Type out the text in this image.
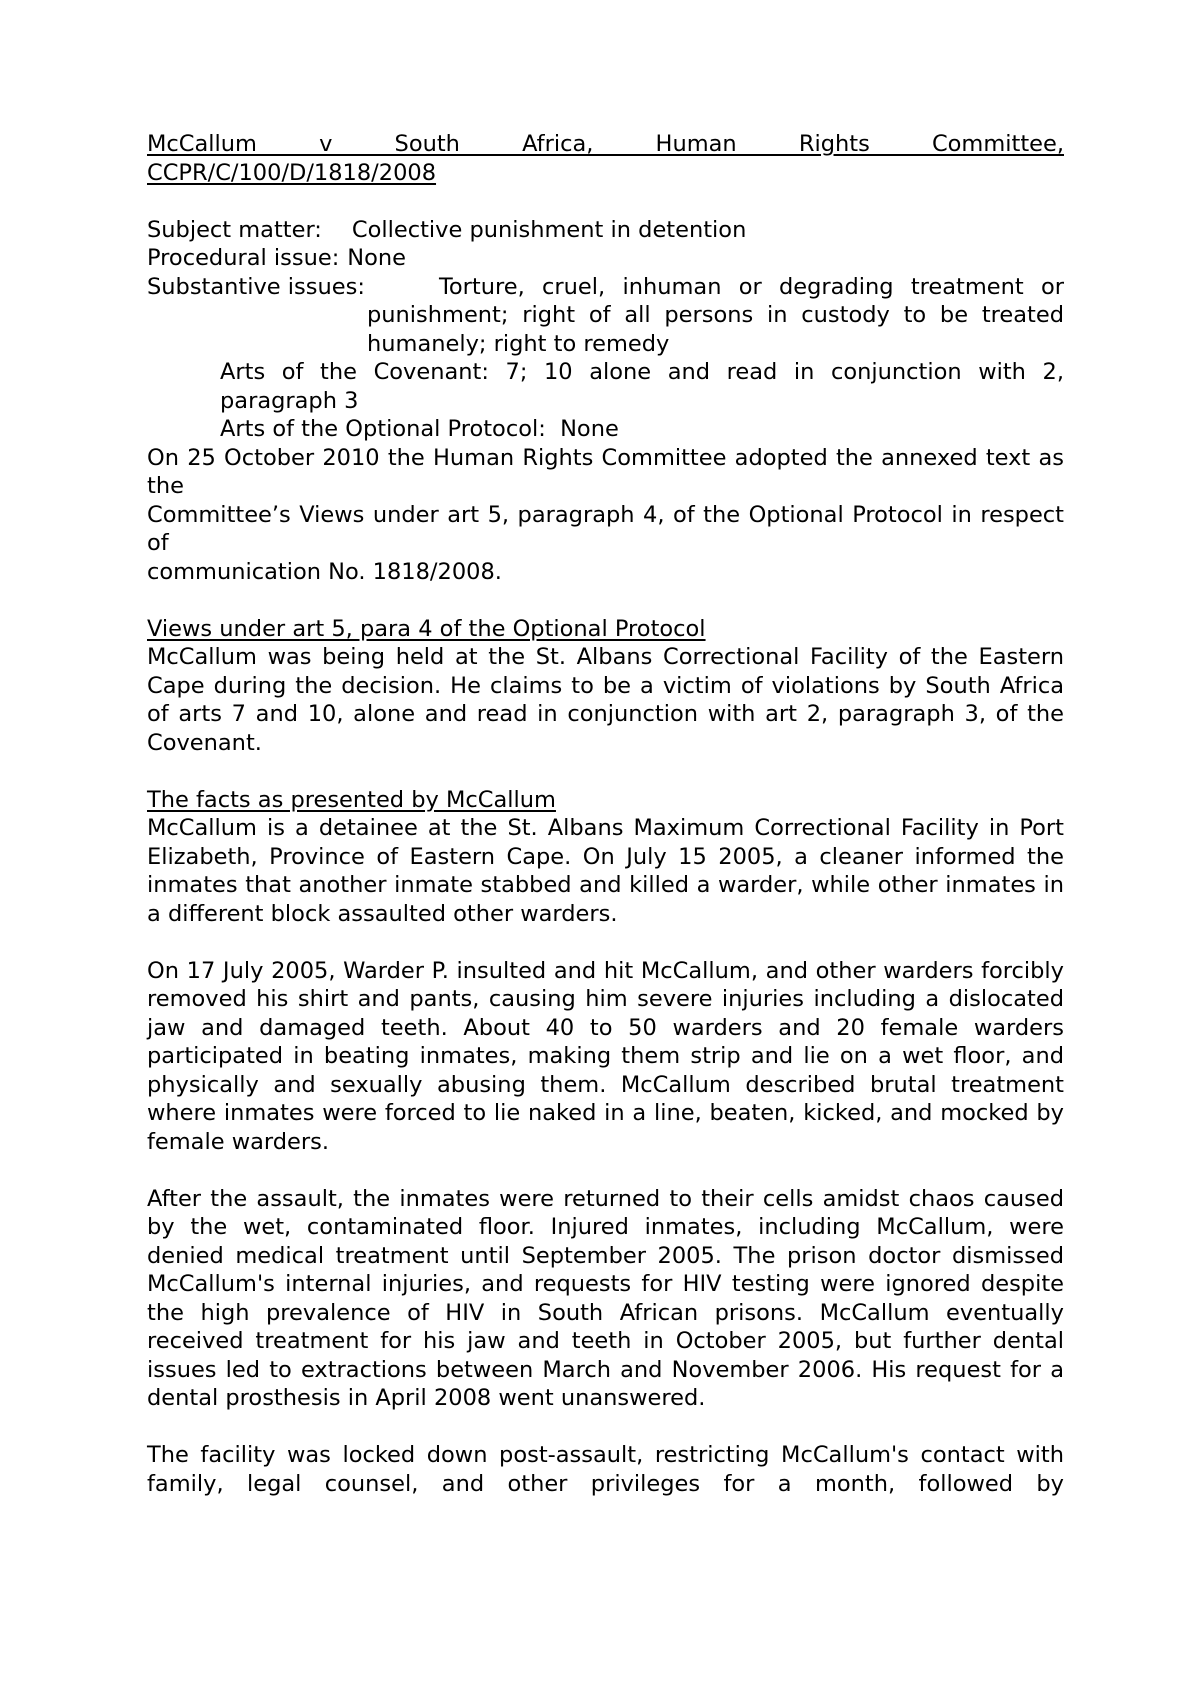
McCallum v South Africa, Human Rights Committee,
CCPR/C/100/D/1818/2008
Subject matter: Collective punishment in detention
Procedural issue: None
Substantive issues:	Torture, cruel, inhuman or degrading treatment or
punishment; right of all persons in custody to be treated humanely; right to remedy
Arts of the Covenant: 7; 10 alone and read in conjunction with 2, paragraph 3
Arts of the Optional Protocol:  None
On 25 October 2010 the Human Rights Committee adopted the annexed text as the
Committee’s Views under art 5, paragraph 4, of the Optional Protocol in respect of
communication No. 1818/2008.
Views under art 5, para 4 of the Optional Protocol

McCallum was being held at the St. Albans Correctional Facility of the Eastern Cape during the decision. He claims to be a victim of violations by South Africa of arts 7 and 10, alone and read in conjunction with art 2, paragraph 3, of the Covenant.

The facts as presented by McCallum

McCallum is a detainee at the St. Albans Maximum Correctional Facility in Port Elizabeth, Province of Eastern Cape. On July 15 2005, a cleaner informed the inmates that another inmate stabbed and killed a warder, while other inmates in a different block assaulted other warders.

On 17 July 2005, Warder P. insulted and hit McCallum, and other warders forcibly removed his shirt and pants, causing him severe injuries including a dislocated jaw and damaged teeth. About 40 to 50 warders and 20 female warders participated in beating inmates, making them strip and lie on a wet floor, and physically and sexually abusing them. McCallum described brutal treatment where inmates were forced to lie naked in a line, beaten, kicked, and mocked by female warders.

After the assault, the inmates were returned to their cells amidst chaos caused by the wet, contaminated floor. Injured inmates, including McCallum, were denied medical treatment until September 2005. The prison doctor dismissed McCallum's internal injuries, and requests for HIV testing were ignored despite the high prevalence of HIV in South African prisons. McCallum eventually received treatment for his jaw and teeth in October 2005, but further dental issues led to extractions between March and November 2006. His request for a dental prosthesis in April 2008 went unanswered.

The facility was locked down post-assault, restricting McCallum's contact with family, legal counsel, and other privileges for a month, followed by
